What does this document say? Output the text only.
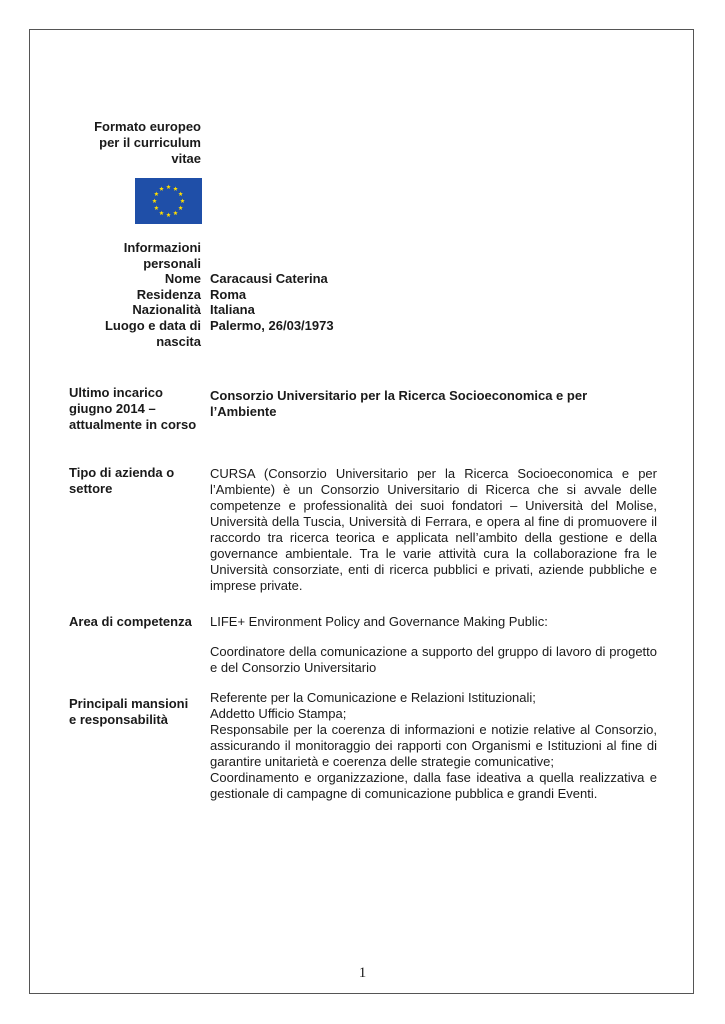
Formato europeo
per il curriculum
vitae
Informazioni
personali
Nome Caracausi Caterina
Residenza Roma
Nazionalità Italiana
Luogo e data di
nascita
Palermo, 26/03/1973
Ultimo incarico
giugno 2014 –
attualmente in corso
Consorzio Universitario per la Ricerca Socioeconomica e per
l’Ambiente
Tipo di azienda o
settore
CURSA (Consorzio Universitario per la Ricerca Socioeconomica e per l’Ambiente) è un Consorzio Universitario di Ricerca che si avvale delle competenze e professionalità dei suoi fondatori – Università del Molise, Università della Tuscia, Università di Ferrara, e opera al fine di promuovere il raccordo tra ricerca teorica e applicata nell’ambito della gestione e della governance ambientale. Tra le varie attività cura la collaborazione fra le Università consorziate, enti di ricerca pubblici e privati, aziende pubbliche e imprese private.
Area di competenza	LIFE+ Environment Policy and Governance Making Public:
Coordinatore della comunicazione a supporto del gruppo di lavoro di progetto e del Consorzio Universitario
Principali mansioni
e responsabilità

Referente per la Comunicazione e Relazioni Istituzionali;

Addetto Ufficio Stampa;

Responsabile per la coerenza di informazioni e notizie relative al Consorzio, assicurando il monitoraggio dei rapporti con Organismi e Istituzioni al fine di garantire unitarietà e coerenza delle strategie comunicative;

Coordinamento e organizzazione, dalla fase ideativa a quella realizzativa e gestionale di campagne di comunicazione pubblica e grandi Eventi.

1
